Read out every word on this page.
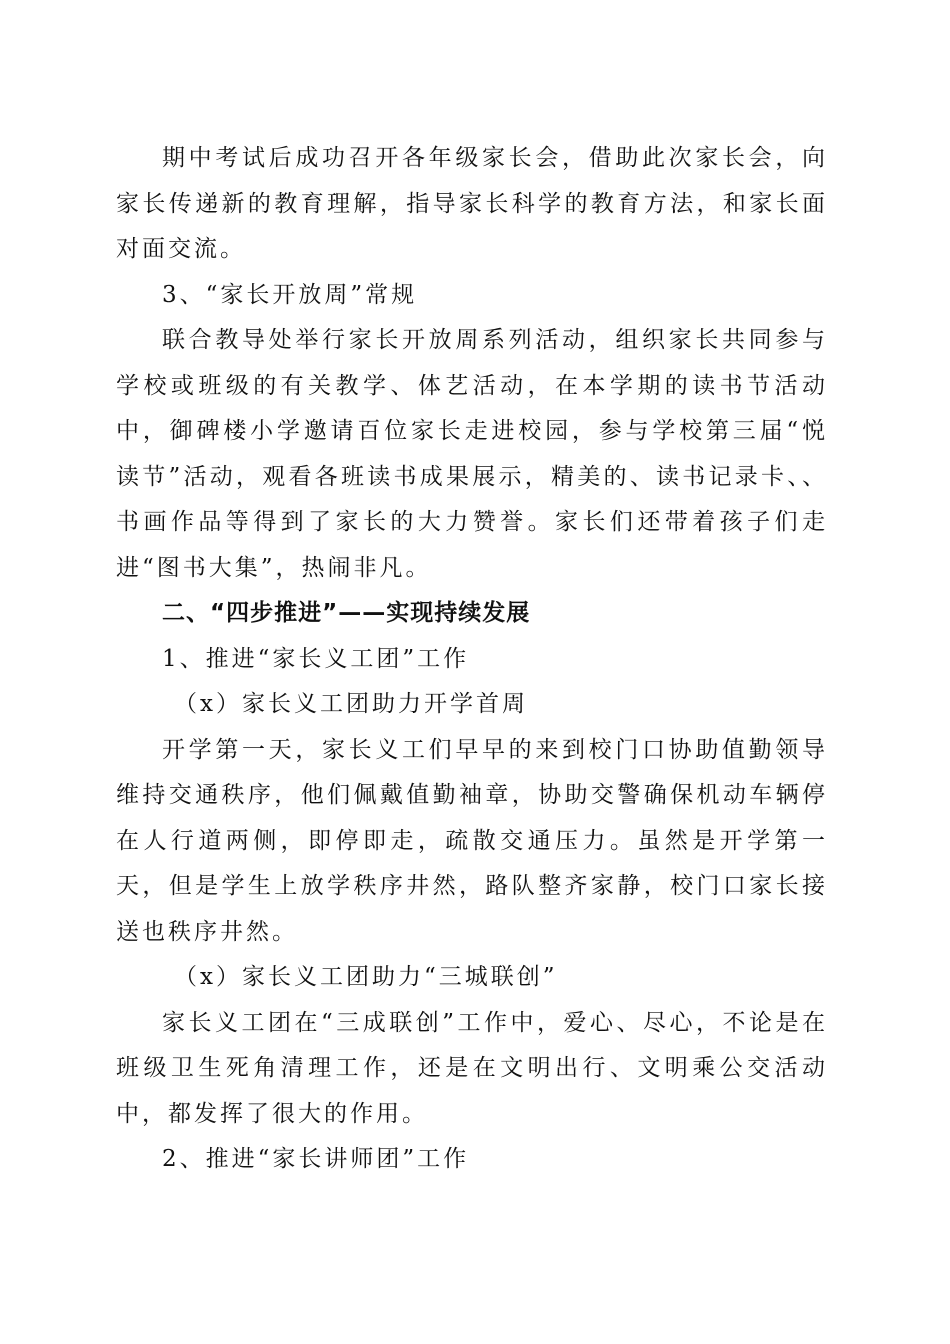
期中考试后成功召开各年级家长会，借助此次家长会，向家长传递新的教育理解，指导家长科学的教育方法，和家长面对面交流。

3、“家长开放周”常规

联合教导处举行家长开放周系列活动，组织家长共同参与学校或班级的有关教学、体艺活动，在本学期的读书节活动中，御碑楼小学邀请百位家长走进校园，参与学校第三届“悦读节”活动，观看各班读书成果展示，精美的、读书记录卡、、书画作品等得到了家长的大力赞誉。家长们还带着孩子们走进“图书大集”，热闹非凡。

二、“四步推进”——实现持续发展

1、推进“家长义工团”工作

（x）家长义工团助力开学首周

开学第一天，家长义工们早早的来到校门口协助值勤领导维持交通秩序，他们佩戴值勤袖章，协助交警确保机动车辆停在人行道两侧，即停即走，疏散交通压力。虽然是开学第一天，但是学生上放学秩序井然，路队整齐家静，校门口家长接送也秩序井然。

（x）家长义工团助力“三城联创”

家长义工团在“三成联创”工作中，爱心、尽心，不论是在班级卫生死角清理工作，还是在文明出行、文明乘公交活动中，都发挥了很大的作用。

2、推进“家长讲师团”工作
